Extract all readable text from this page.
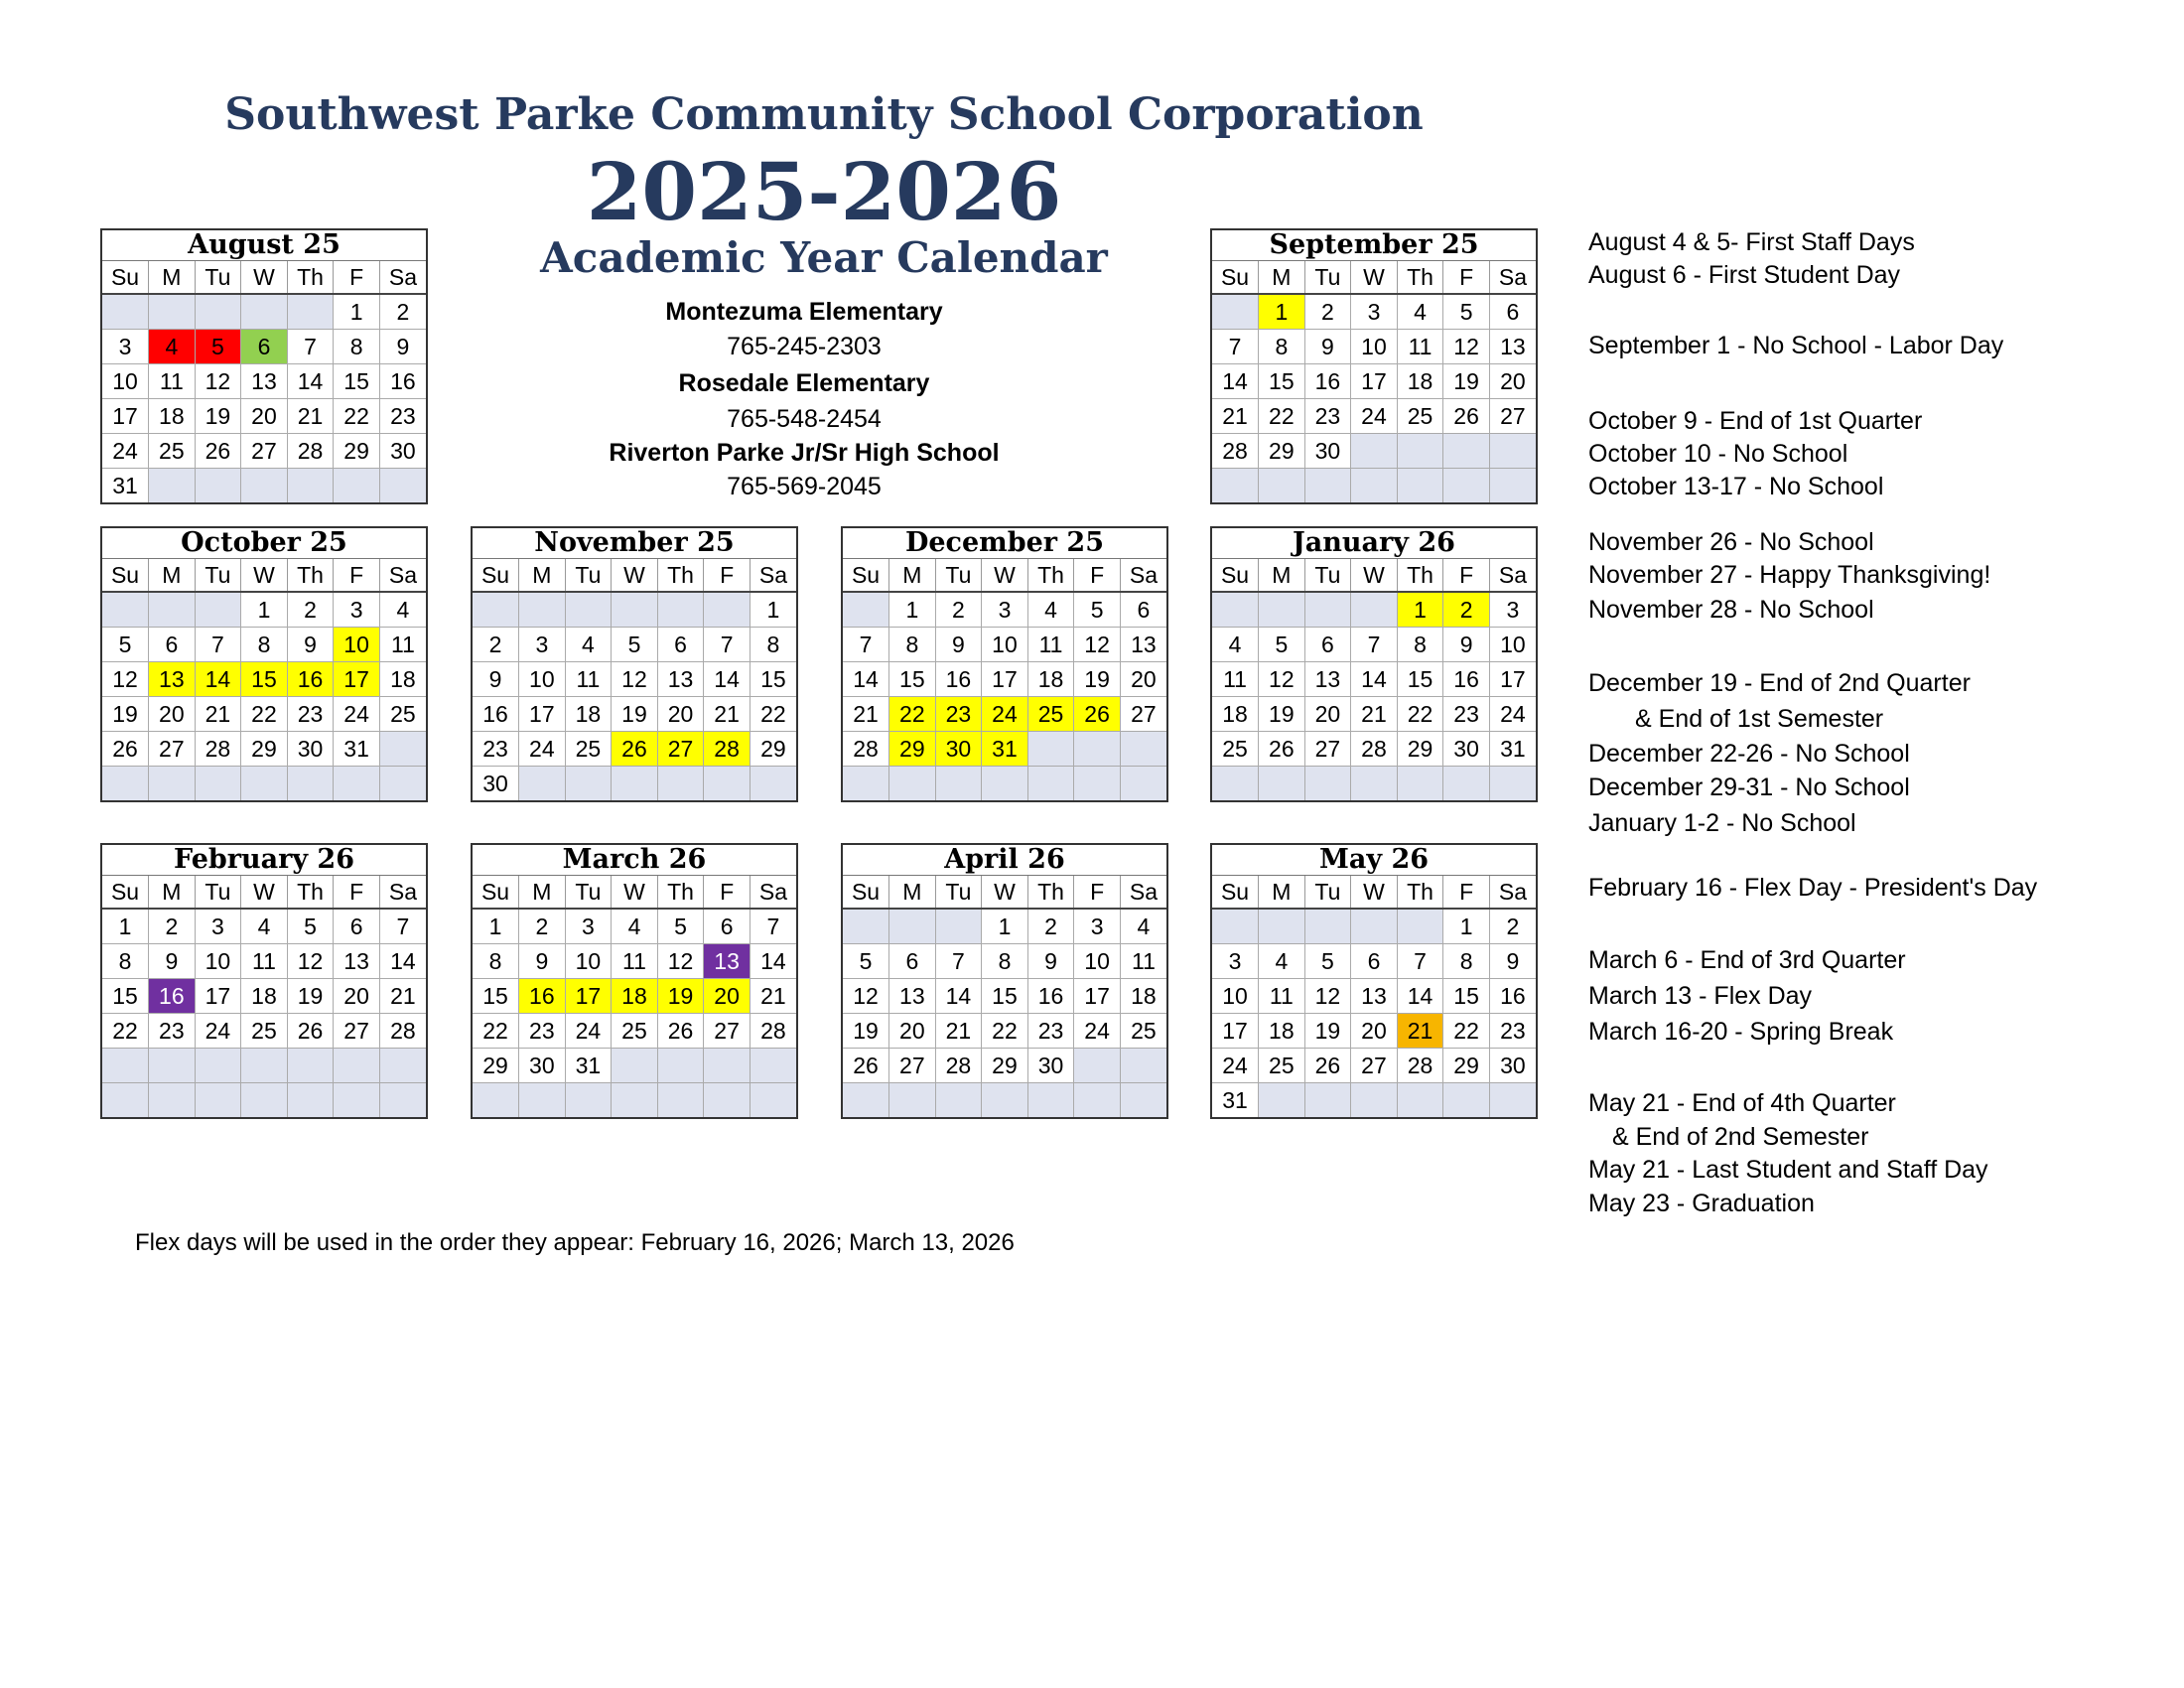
Southwest Parke Community School Corporation
2025-2026
Academic Year Calendar
Montezuma Elementary
765-245-2303
Rosedale Elementary
765-548-2454
Riverton Parke Jr/Sr High School
765-569-2045
August 25
Su	M	Tu	W	Th	F	Sa
					1	2
3	4	5	6	7	8	9
10	11	12	13	14	15	16
17	18	19	20	21	22	23
24	25	26	27	28	29	30
31						
September 25
Su	M	Tu	W	Th	F	Sa
	1	2	3	4	5	6
7	8	9	10	11	12	13
14	15	16	17	18	19	20
21	22	23	24	25	26	27
28	29	30				

October 25
Su	M	Tu	W	Th	F	Sa
			1	2	3	4
5	6	7	8	9	10	11
12	13	14	15	16	17	18
19	20	21	22	23	24	25
26	27	28	29	30	31	

November 25
Su	M	Tu	W	Th	F	Sa
						1
2	3	4	5	6	7	8
9	10	11	12	13	14	15
16	17	18	19	20	21	22
23	24	25	26	27	28	29
30						
December 25
Su	M	Tu	W	Th	F	Sa
	1	2	3	4	5	6
7	8	9	10	11	12	13
14	15	16	17	18	19	20
21	22	23	24	25	26	27
28	29	30	31			

January 26
Su	M	Tu	W	Th	F	Sa
				1	2	3
4	5	6	7	8	9	10
11	12	13	14	15	16	17
18	19	20	21	22	23	24
25	26	27	28	29	30	31

February 26
Su	M	Tu	W	Th	F	Sa
1	2	3	4	5	6	7
8	9	10	11	12	13	14
15	16	17	18	19	20	21
22	23	24	25	26	27	28

March 26
Su	M	Tu	W	Th	F	Sa
1	2	3	4	5	6	7
8	9	10	11	12	13	14
15	16	17	18	19	20	21
22	23	24	25	26	27	28
29	30	31				

April 26
Su	M	Tu	W	Th	F	Sa
			1	2	3	4
5	6	7	8	9	10	11
12	13	14	15	16	17	18
19	20	21	22	23	24	25
26	27	28	29	30		

May 26
Su	M	Tu	W	Th	F	Sa
					1	2
3	4	5	6	7	8	9
10	11	12	13	14	15	16
17	18	19	20	21	22	23
24	25	26	27	28	29	30
31						
August 4 & 5- First Staff Days
August 6 - First Student Day
September 1 - No School - Labor Day
October 9 - End of 1st Quarter
October 10 - No School
October 13-17 - No School
November 26 - No School
November 27 - Happy Thanksgiving!
November 28 - No School
December 19 - End of 2nd Quarter
& End of 1st Semester
December 22-26 - No School
December 29-31 - No School
January 1-2 - No School
February 16 - Flex Day - President's Day
March 6 - End of 3rd Quarter
March 13 - Flex Day
March 16-20 - Spring Break
May 21 - End of 4th Quarter
& End of 2nd Semester
May 21 - Last Student and Staff Day
May 23 - Graduation
Flex days will be used in the order they appear: February 16, 2026; March 13, 2026
